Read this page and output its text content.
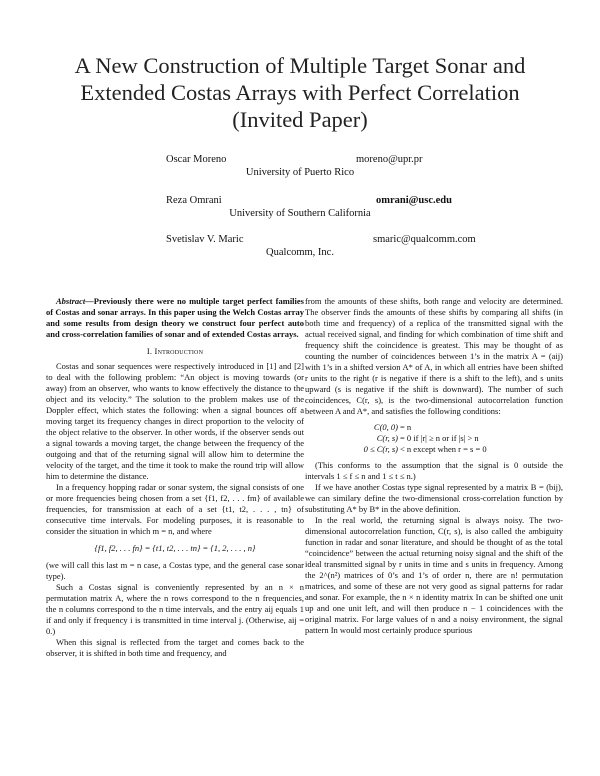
A New Construction of Multiple Target Sonar and
Extended Costas Arrays with Perfect Correlation
(Invited Paper)
Oscar Moreno	moreno@upr.pr
University of Puerto Rico
Reza Omrani	omrani@usc.edu
University of Southern California
Svetislav V. Maric	smaric@qualcomm.com
Qualcomm, Inc.

Abstract—Previously there were no multiple target perfect families of Costas and sonar arrays. In this paper using the Welch Costas array and some results from design theory we construct four perfect auto and cross-correlation families of sonar and of extended Costas arrays.

I. Introduction

Costas and sonar sequences were respectively introduced in [1] and [2] to deal with the following problem: “An object is moving towards (or away) from an observer, who wants to know effectively the distance to the object and its velocity.” The solution to the problem makes use of the Doppler effect, which states the following: when a signal bounces off a moving target its frequency changes in direct proportion to the velocity of the object relative to the observer. In other words, if the observer sends out a signal towards a moving target, the change between the frequency of the outgoing and that of the returning signal will allow him to determine the velocity of the target, and the time it took to make the round trip will allow him to determine the distance.

In a frequency hopping radar or sonar system, the signal consists of one or more frequencies being chosen from a set {f1, f2, . . . fm} of available frequencies, for transmission at each of a set {t1, t2, . . . , tn} of consecutive time intervals. For modeling purposes, it is reasonable to consider the situation in which m = n, and where

{f1, f2, . . . fn} = {t1, t2, . . . tn} = {1, 2, . . . , n}

(we will call this last m = n case, a Costas type, and the general case sonar type).

Such a Costas signal is conveniently represented by an n × n permutation matrix A, where the n rows correspond to the n frequencies, the n columns correspond to the n time intervals, and the entry aij equals 1 if and only if frequency i is transmitted in time interval j. (Otherwise, aij = 0.)

When this signal is reflected from the target and comes back to the observer, it is shifted in both time and frequency, and

from the amounts of these shifts, both range and velocity are determined. The observer finds the amounts of these shifts by comparing all shifts (in both time and frequency) of a replica of the transmitted signal with the actual received signal, and finding for which combination of time shift and frequency shift the coincidence is greatest. This may be thought of as counting the number of coincidences between 1’s in the matrix A = (aij) with 1’s in a shifted version A* of A, in which all entries have been shifted r units to the right (r is negative if there is a shift to the left), and s units upward (s is negative if the shift is downward). The number of such coincidences, C(r, s), is the two-dimensional autocorrelation function between A and A*, and satisfies the following conditions:

C(0, 0) = n
C(r, s) = 0 if |r| ≥ n or if |s| > n
0 ≤ C(r, s) < n except when r = s = 0

(This conforms to the assumption that the signal is 0 outside the intervals 1 ≤ f ≤ n and 1 ≤ t ≤ n.)

If we have another Costas type signal represented by a matrix B = (bij), we can similary define the two-dimensional cross-correlation function by substituting A* by B* in the above definition.

In the real world, the returning signal is always noisy. The two-dimensional autocorrelation function, C(r, s), is also called the ambiguity function in radar and sonar literature, and should be thought of as the total “coincidence” between the actual returning noisy signal and the shift of the ideal transmitted signal by r units in time and s units in frequency. Among the 2^(n²) matrices of 0’s and 1’s of order n, there are n! permutation matrices, and some of these are not very good as signal patterns for radar and sonar. For example, the n × n identity matrix In can be shifted one unit up and one unit left, and will then produce n − 1 coincidences with the original matrix. For large values of n and a noisy environment, the signal pattern In would most certainly produce spurious
